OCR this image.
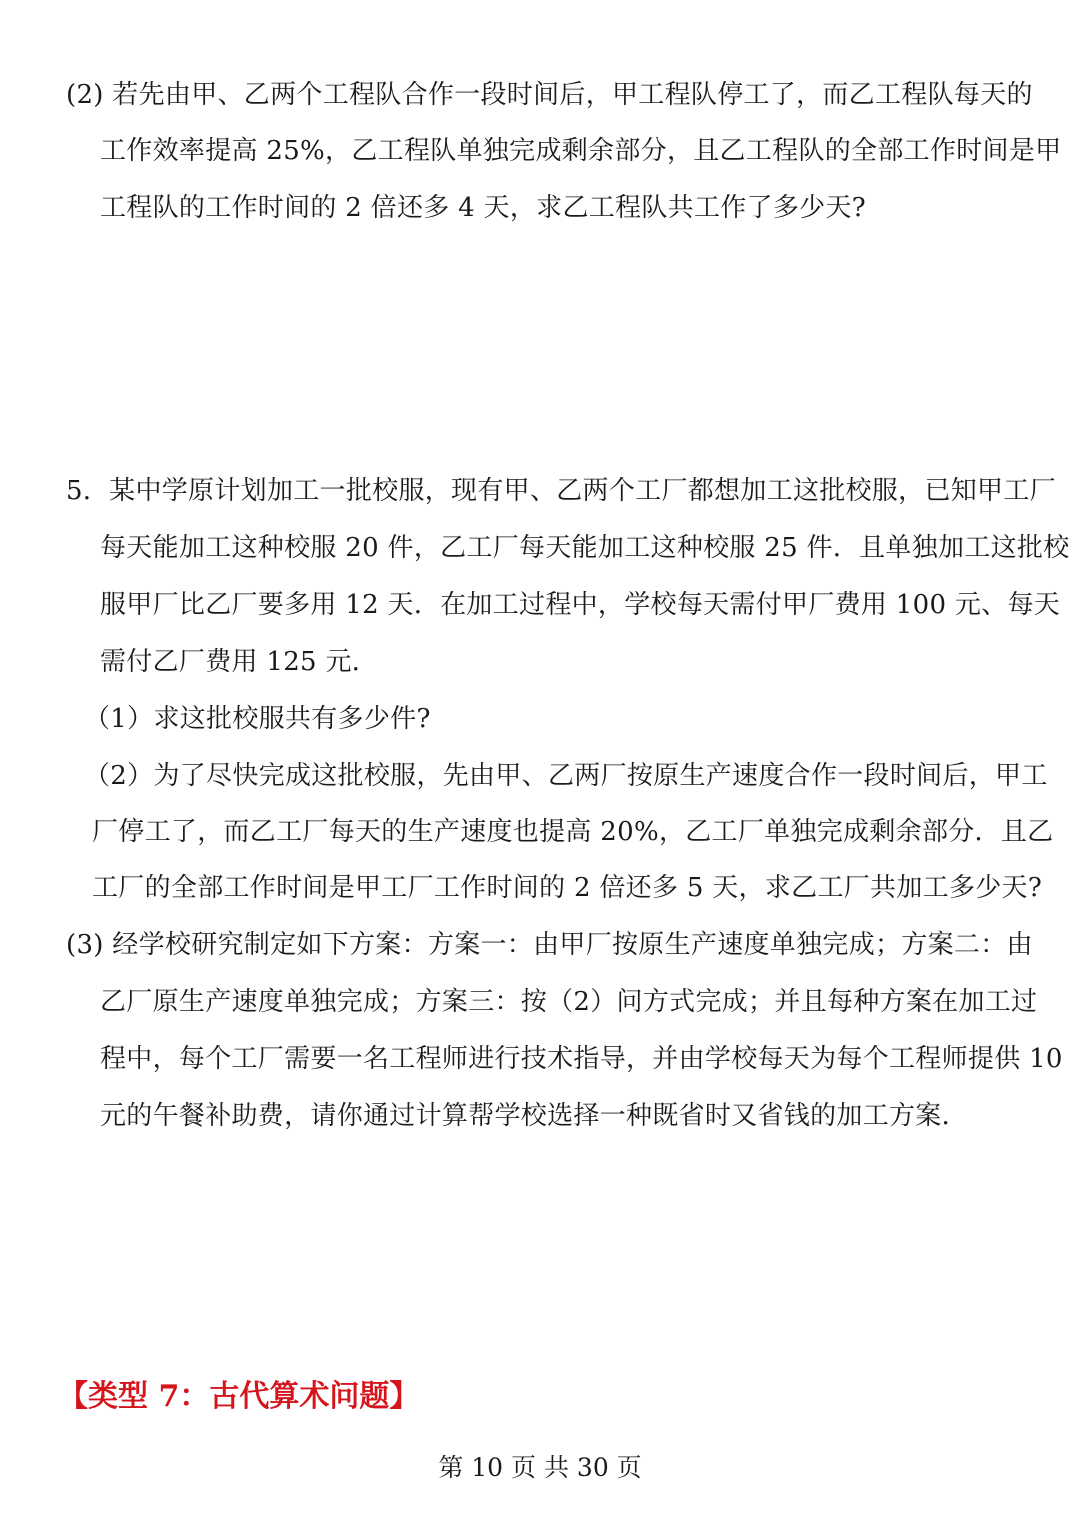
(2) 若先由甲、乙两个工程队合作一段时间后，甲工程队停工了，而乙工程队每天的
工作效率提高 25%，乙工程队单独完成剩余部分，且乙工程队的全部工作时间是甲
工程队的工作时间的 2 倍还多 4 天，求乙工程队共工作了多少天?
5．某中学原计划加工一批校服，现有甲、乙两个工厂都想加工这批校服，已知甲工厂
每天能加工这种校服 20 件，乙工厂每天能加工这种校服 25 件．且单独加工这批校
服甲厂比乙厂要多用 12 天．在加工过程中，学校每天需付甲厂费用 100 元、每天
需付乙厂费用 125 元．
（1）求这批校服共有多少件?
（2）为了尽快完成这批校服，先由甲、乙两厂按原生产速度合作一段时间后，甲工
厂停工了，而乙工厂每天的生产速度也提高 20%，乙工厂单独完成剩余部分．且乙
工厂的全部工作时间是甲工厂工作时间的 2 倍还多 5 天，求乙工厂共加工多少天?
(3) 经学校研究制定如下方案：方案一：由甲厂按原生产速度单独完成；方案二：由
乙厂原生产速度单独完成；方案三：按（2）问方式完成；并且每种方案在加工过
程中，每个工厂需要一名工程师进行技术指导，并由学校每天为每个工程师提供 10
元的午餐补助费，请你通过计算帮学校选择一种既省时又省钱的加工方案．
【类型 7：古代算术问题】
第 10 页 共 30 页
